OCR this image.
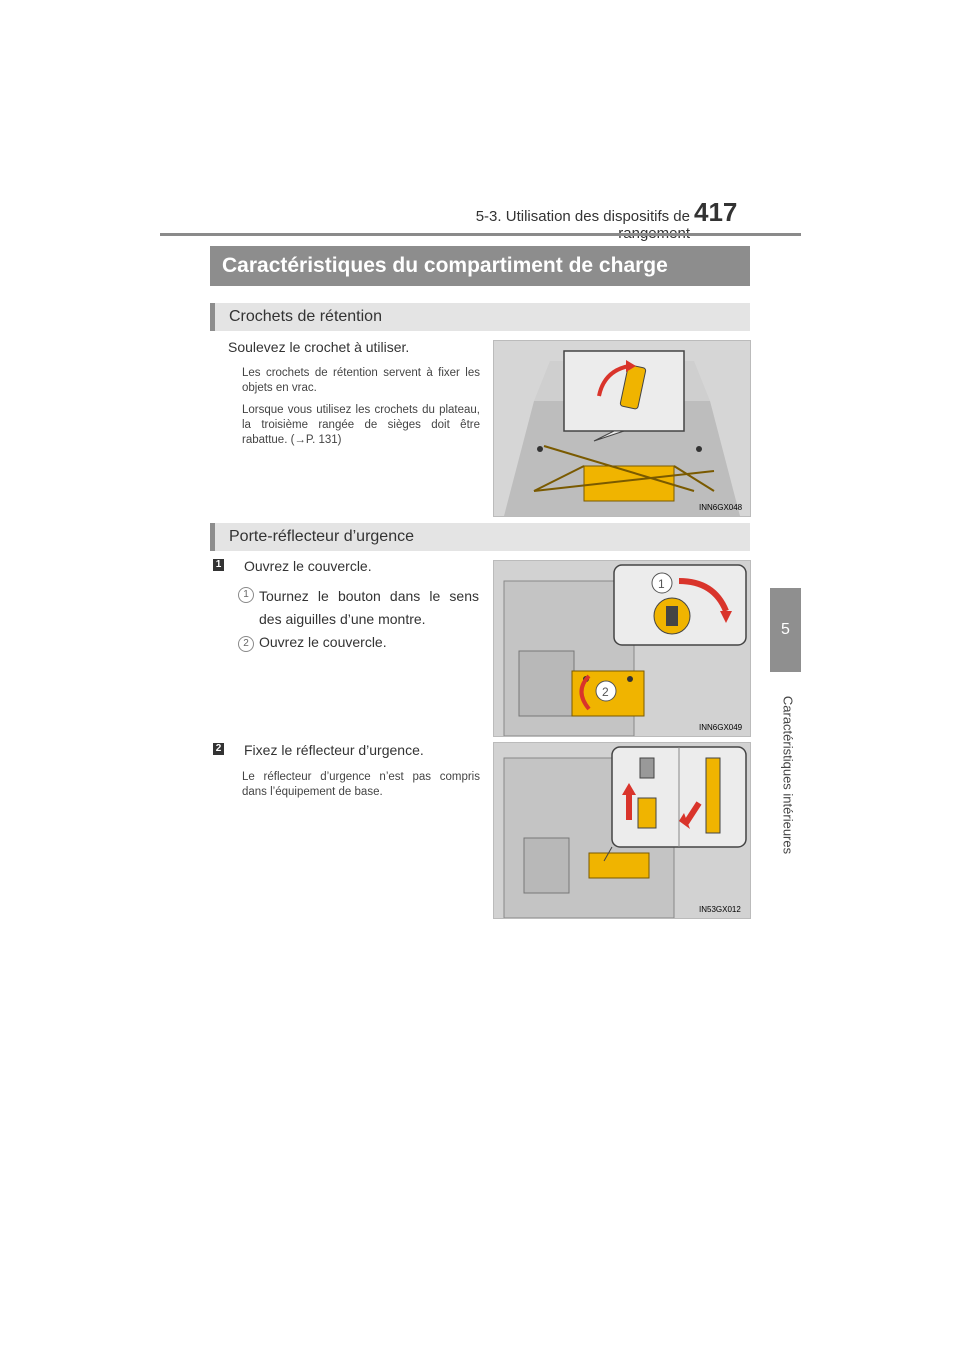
5-3. Utilisation des dispositifs de 417
5
Caractéristiques intérieures
Caractéristiques du compartiment de charge
Crochets de rétention
Soulevez le crochet à utiliser.
Les crochets de rétention servent à fixer les objets en vrac.
Lorsque vous utilisez les crochets du plateau, la troisième rangée de sièges doit être rabattue. (→P. 131)
INN6GX048
Porte-réflecteur d’urgence
1 Ouvrez le couvercle.
1 Tournez le bouton dans le sens des aiguilles d’une montre.
2 Ouvrez le couvercle.
2
1
INN6GX049
2 Fixez le réflecteur d’urgence.
Le réflecteur d’urgence n’est pas compris dans l’équipement de base.
IN53GX012
